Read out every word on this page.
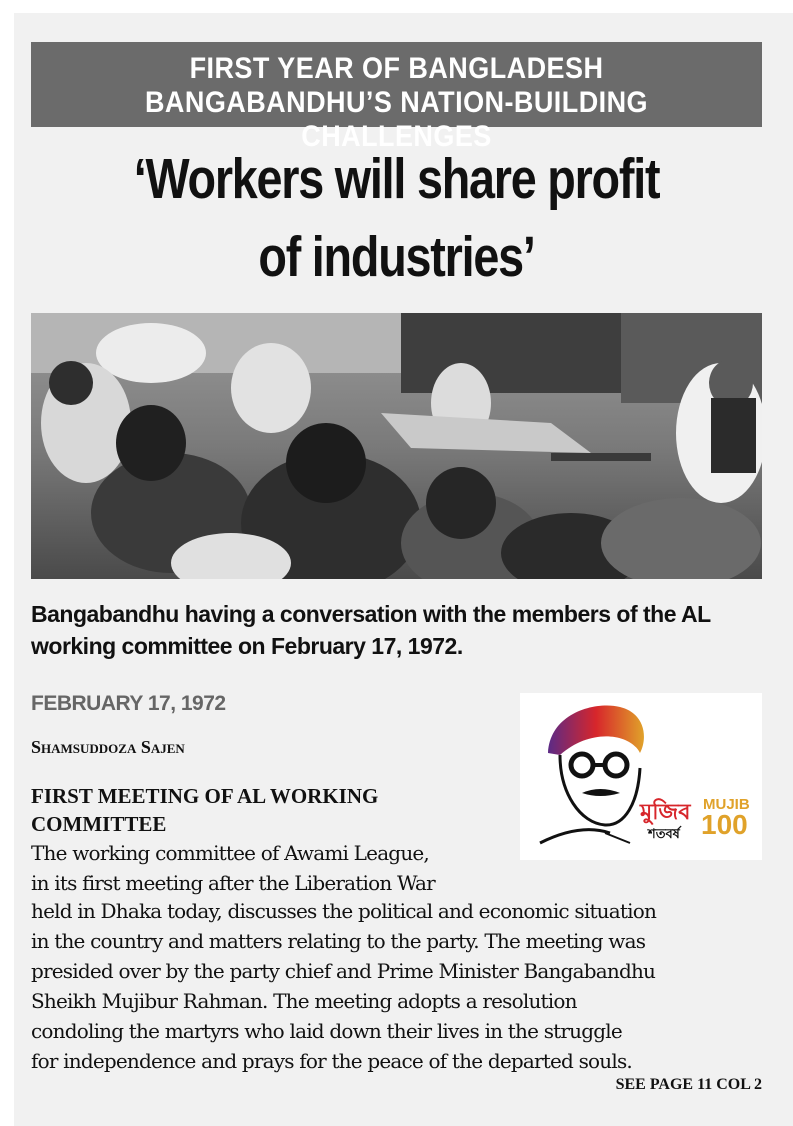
FIRST YEAR OF BANGLADESH
BANGABANDHU’S NATION-BUILDING CHALLENGES
‘Workers will share profit
of industries’
Bangabandhu having a conversation with the members of the AL working committee on February 17, 1972.
FEBRUARY 17, 1972
Shamsuddoza Sajen
মুজিব
শতবর্ষ
MUJIB
100
FIRST MEETING OF AL WORKING COMMITTEE
The working committee of Awami League,
in its first meeting after the Liberation War
held in Dhaka today, discusses the political and economic situation
in the country and matters relating to the party. The meeting was
presided over by the party chief and Prime Minister Bangabandhu
Sheikh Mujibur Rahman. The meeting adopts a resolution
condoling the martyrs who laid down their lives in the struggle
for independence and prays for the peace of the departed souls.
SEE PAGE 11 COL 2
